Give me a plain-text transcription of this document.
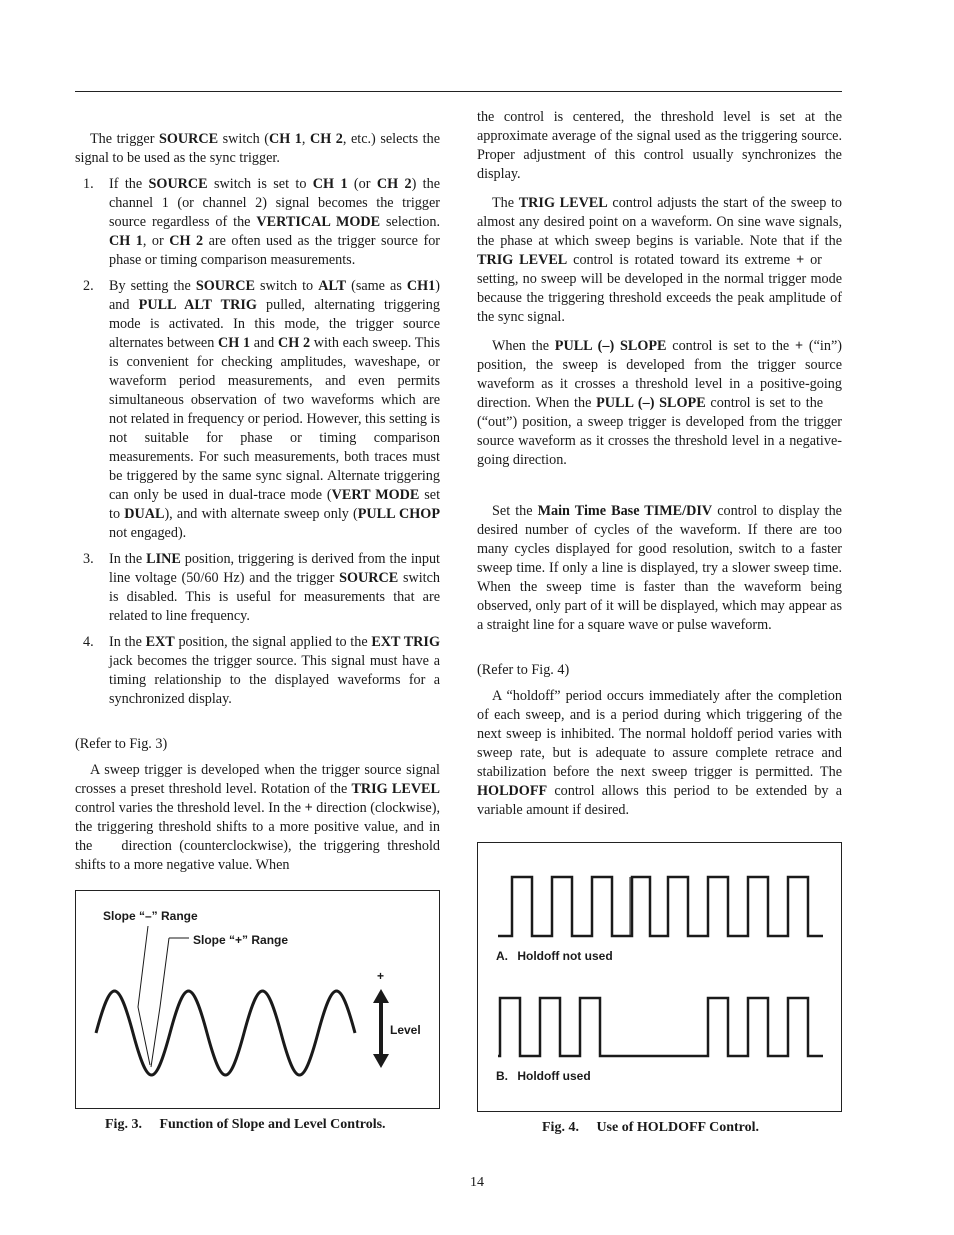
The trigger SOURCE switch (CH 1, CH 2, etc.) selects the signal to be used as the sync trigger.

1. If the SOURCE switch is set to CH 1 (or CH 2) the channel 1 (or channel 2) signal becomes the trigger source regardless of the VERTICAL MODE selection. CH 1, or CH 2 are often used as the trigger source for phase or timing comparison measurements.
2. By setting the SOURCE switch to ALT (same as CH1) and PULL ALT TRIG pulled, alternating triggering mode is activated. In this mode, the trigger source alternates between CH 1 and CH 2 with each sweep. This is convenient for checking amplitudes, waveshape, or waveform period measurements, and even permits simultaneous observation of two waveforms which are not related in frequency or period. However, this setting is not suitable for phase or timing comparison measurements. For such measurements, both traces must be triggered by the same sync signal. Alternate triggering can only be used in dual-trace mode (VERT MODE set to DUAL), and with alternate sweep only (PULL CHOP not engaged).
3. In the LINE position, triggering is derived from the input line voltage (50/60 Hz) and the trigger SOURCE switch is disabled. This is useful for measurements that are related to line frequency.
4. In the EXT position, the signal applied to the EXT TRIG jack becomes the trigger source. This signal must have a timing relationship to the displayed waveforms for a synchronized display.

(Refer to Fig. 3)

A sweep trigger is developed when the trigger source signal crosses a preset threshold level. Rotation of the TRIG LEVEL control varies the threshold level. In the + direction (clockwise), the triggering threshold shifts to a more positive value, and in the   direction (counterclockwise), the triggering threshold shifts to a more negative value. When

the control is centered, the threshold level is set at the approximate average of the signal used as the triggering source. Proper adjustment of this control usually synchronizes the display.

The TRIG LEVEL control adjusts the start of the sweep to almost any desired point on a waveform. On sine wave signals, the phase at which sweep begins is variable. Note that if the TRIG LEVEL control is rotated toward its extreme + or   setting, no sweep will be developed in the normal trigger mode because the triggering threshold exceeds the peak amplitude of the sync signal.

When the PULL (–) SLOPE control is set to the + (“in”) position, the sweep is developed from the trigger source waveform as it crosses a threshold level in a positive-going direction. When the PULL (–) SLOPE control is set to the   (“out”) position, a sweep trigger is developed from the trigger source waveform as it crosses the threshold level in a negative-going direction.

Set the Main Time Base TIME/DIV control to display the desired number of cycles of the waveform. If there are too many cycles displayed for good resolution, switch to a faster sweep time. If only a line is displayed, try a slower sweep time. When the sweep time is faster than the waveform being observed, only part of it will be displayed, which may appear as a straight line for a square wave or pulse waveform.

(Refer to Fig. 4)

A “holdoff” period occurs immediately after the completion of each sweep, and is a period during which triggering of the next sweep is inhibited. The normal holdoff period varies with sweep rate, but is adequate to assure complete retrace and stabilization before the next sweep trigger is permitted. The HOLDOFF control allows this period to be extended by a variable amount if desired.

Slope “–” Range
Slope “+” Range
+
Level
Fig. 3.  Function of Slope and Level Controls.
A.  Holdoff not used
B.  Holdoff used
Fig. 4.  Use of HOLDOFF Control.
14
